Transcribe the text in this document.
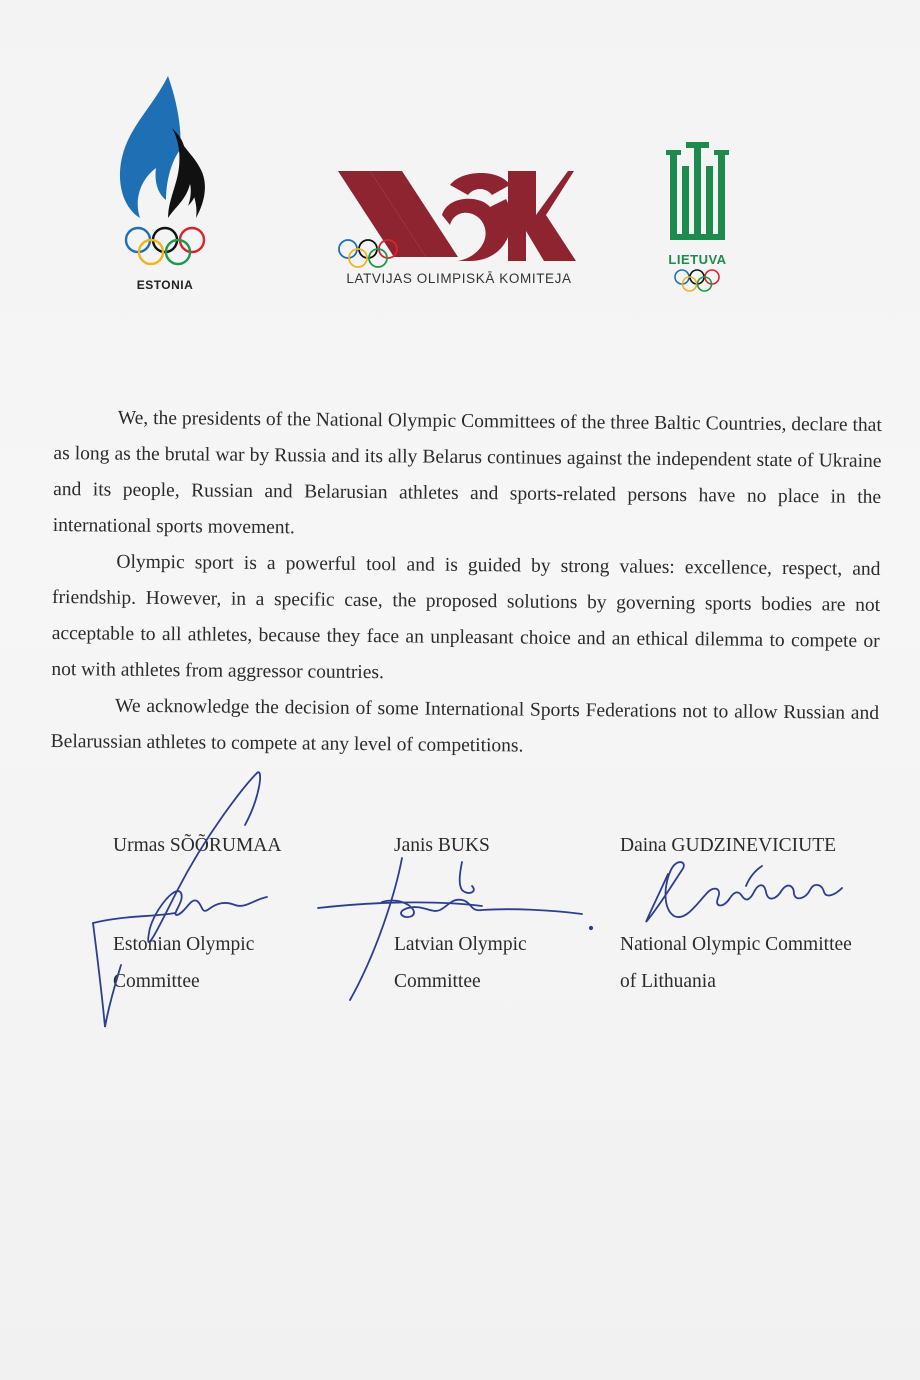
ESTONIA	LATVIJAS OLIMPISKĀ KOMITEJA
LIETUVA

We, the presidents of the National Olympic Committees of the three Baltic Countries, declare that as long as the brutal war by Russia and its ally Belarus continues against the independent state of Ukraine and its people, Russian and Belarusian athletes and sports-related persons have no place in the international sports movement.

Olympic sport is a powerful tool and is guided by strong values: excellence, respect, and friendship. However, in a specific case, the proposed solutions by governing sports bodies are not acceptable to all athletes, because they face an unpleasant choice and an ethical dilemma to compete or not with athletes from aggressor countries.

We acknowledge the decision of some International Sports Federations not to allow Russian and Belarussian athletes to compete at any level of competitions.

Urmas SÕÕRUMAA
Estonian Olympic
Committee
Janis BUKS
Latvian Olympic
Committee
Daina GUDZINEVICIUTE
National Olympic Committee
of Lithuania
